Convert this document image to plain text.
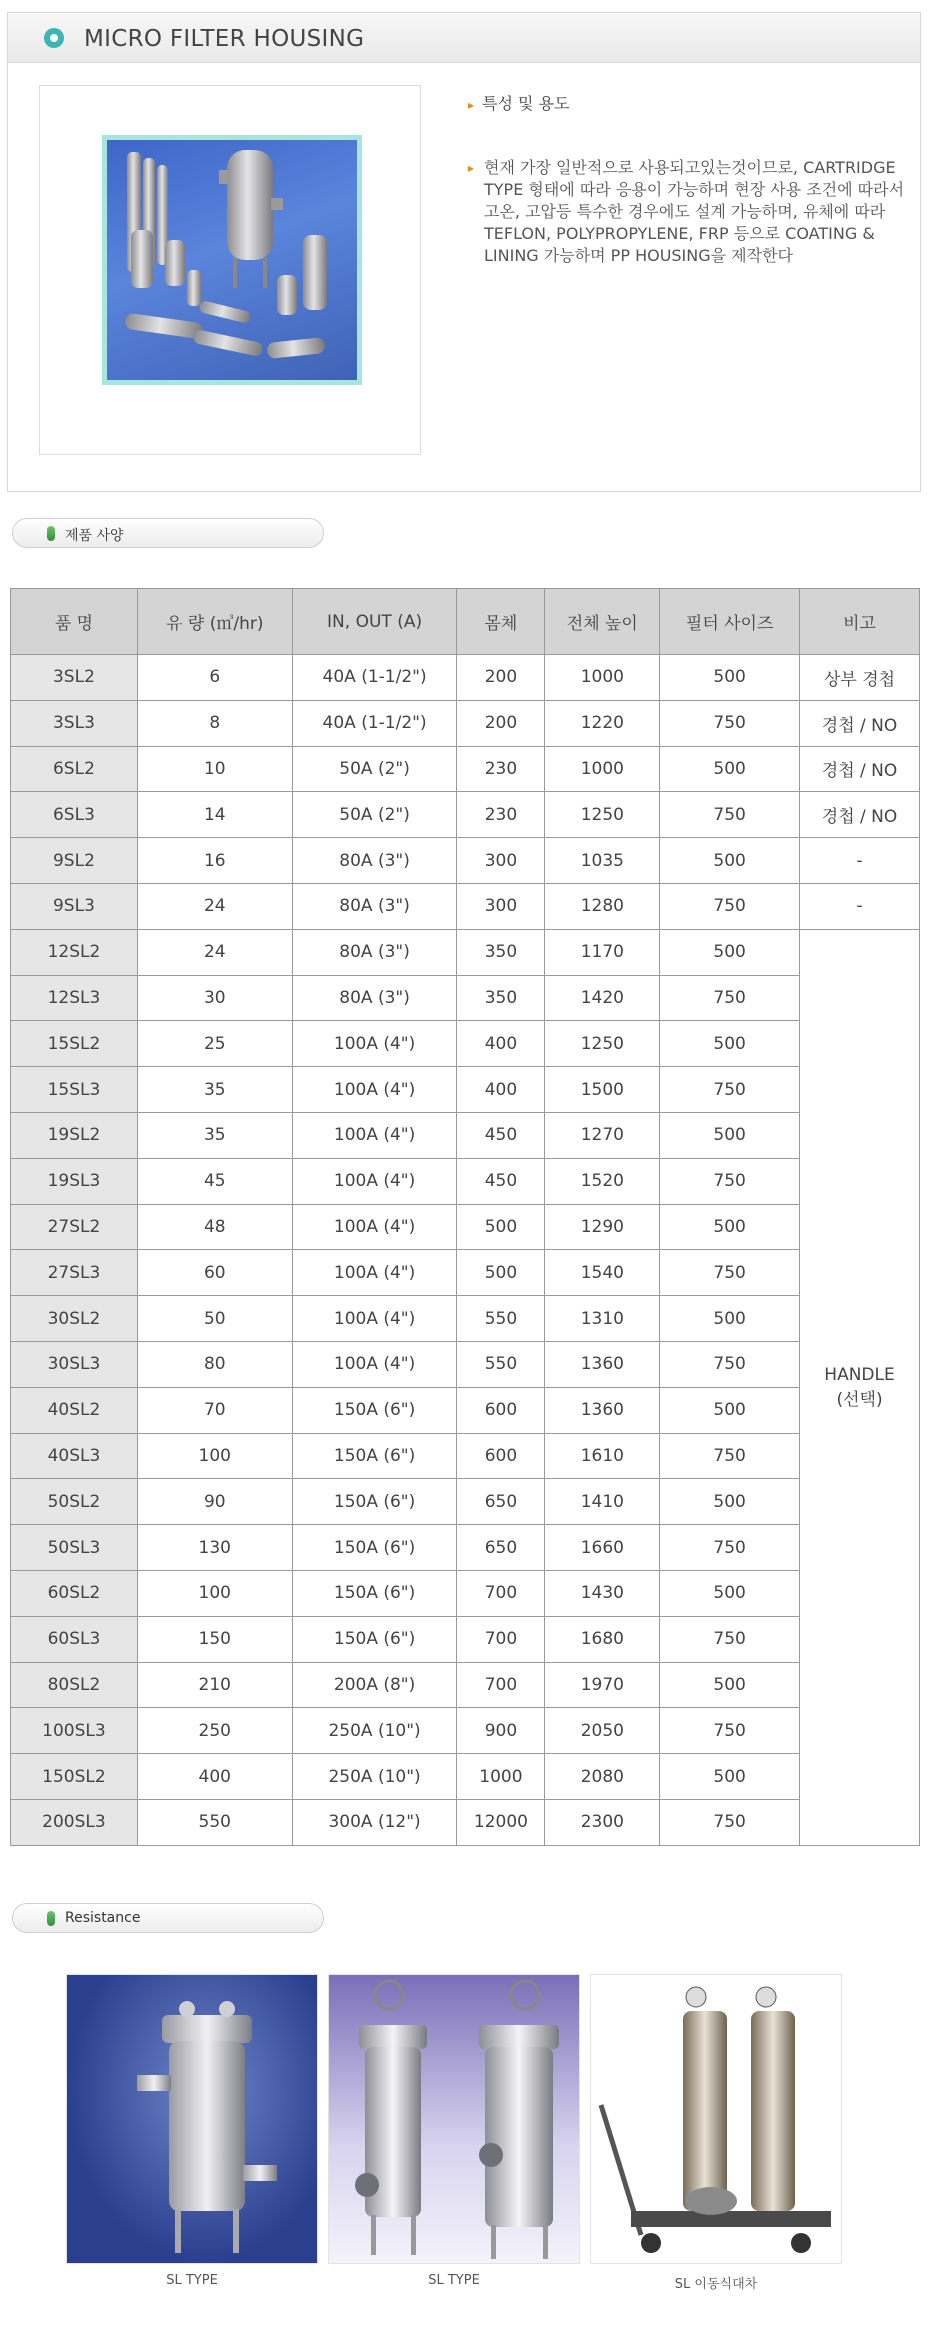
MICRO FILTER HOUSING
▸ 특성 및 용도
▸ 현재 가장 일반적으로 사용되고있는것이므로, CARTRIDGE TYPE 형태에 따라 응용이 가능하며 현장 사용 조건에 따라서 고온, 고압등 특수한 경우에도 설계 가능하며, 유체에 따라 TEFLON, POLYPROPYLENE, FRP 등으로 COATING & LINING 가능하며 PP HOUSING을 제작한다

제품 사양
품 명	유 량 (㎥/hr)	IN, OUT (A)	몸체	전체 높이	필터 사이즈	비고
3SL2	6	40A (1-1/2")	200	1000	500	상부 경첩
3SL3	8	40A (1-1/2")	200	1220	750	경첩 / NO
6SL2	10	50A (2")	230	1000	500	경첩 / NO
6SL3	14	50A (2")	230	1250	750	경첩 / NO
9SL2	16	80A (3")	300	1035	500	-
9SL3	24	80A (3")	300	1280	750	-
12SL2	24	80A (3")	350	1170	500	HANDLE
(선택)

12SL3	30	80A (3")	350	1420	750	
15SL2	25	100A (4")	400	1250	500	
15SL3	35	100A (4")	400	1500	750	
19SL2	35	100A (4")	450	1270	500	
19SL3	45	100A (4")	450	1520	750	
27SL2	48	100A (4")	500	1290	500	
27SL3	60	100A (4")	500	1540	750	
30SL2	50	100A (4")	550	1310	500	
30SL3	80	100A (4")	550	1360	750	
40SL2	70	150A (6")	600	1360	500	
40SL3	100	150A (6")	600	1610	750	
50SL2	90	150A (6")	650	1410	500	
50SL3	130	150A (6")	650	1660	750	
60SL2	100	150A (6")	700	1430	500	
60SL3	150	150A (6")	700	1680	750	
80SL2	210	200A (8")	700	1970	500	
100SL3	250	250A (10")	900	2050	750	
150SL2	400	250A (10")	1000	2080	500	
200SL3	550	300A (12")	12000	2300	750	
Resistance
SL TYPE	SL TYPE	SL 이동식대차
